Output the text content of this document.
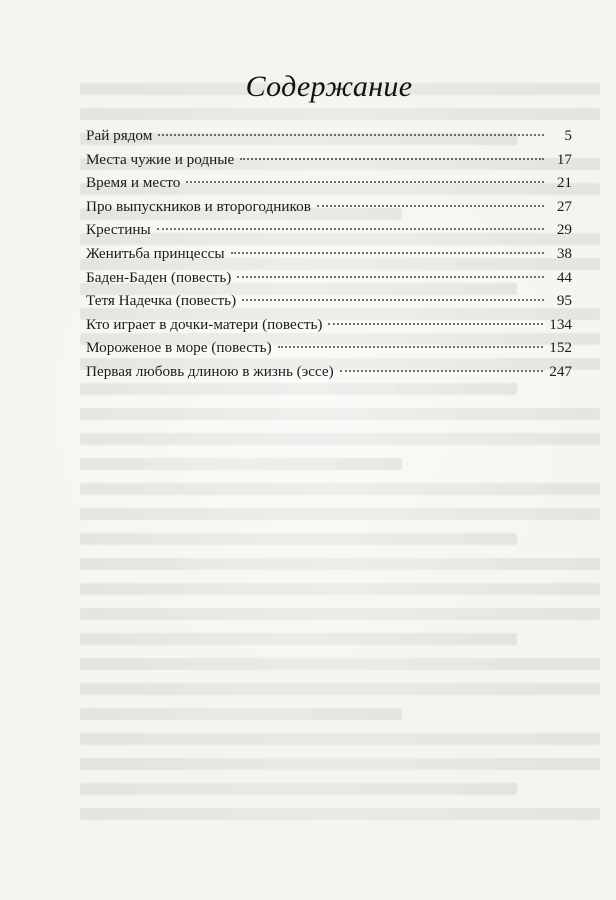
Содержание
Рай рядом	5
Места чужие и родные	17
Время и место	21
Про выпускников и второгодников	27
Крестины	29
Женитьба принцессы	38
Баден-Баден (повесть)	44
Тетя Надечка (повесть)	95
Кто играет в дочки-матери (повесть)	134
Мороженое в море (повесть)	152
Первая любовь длиною в жизнь (эссе)	247
